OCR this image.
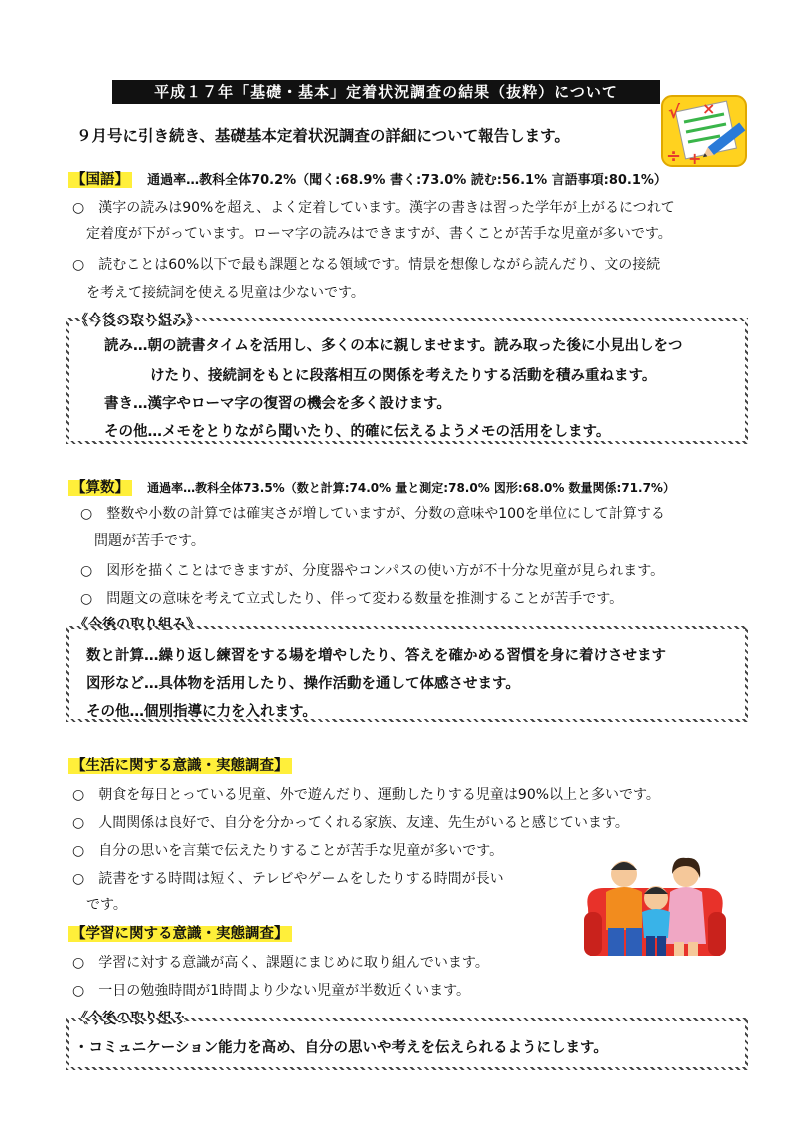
平成１７年「基礎・基本」定着状況調査の結果（抜粋）について
√ ×
÷ +
９月号に引き続き、基礎基本定着状況調査の詳細について報告します。
【国語】 通過率…教科全体70.2%（聞く:68.9% 書く:73.0% 読む:56.1% 言語事項:80.1%）
○　漢字の読みは90%を超え、よく定着しています。漢字の書きは習った学年が上がるにつれて
　定着度が下がっています。ローマ字の読みはできますが、書くことが苦手な児童が多いです。
○　読むことは60%以下で最も課題となる領域です。情景を想像しながら読んだり、文の接続
　を考えて接続詞を使える児童は少ないです。
《今後の取り組み》
読み…朝の読書タイムを活用し、多くの本に親しませます。読み取った後に小見出しをつ
けたり、接続詞をもとに段落相互の関係を考えたりする活動を積み重ねます。
書き…漢字やローマ字の復習の機会を多く設けます。
その他…メモをとりながら聞いたり、的確に伝えるようメモの活用をします。
【算数】 通過率…教科全体73.5%（数と計算:74.0% 量と測定:78.0% 図形:68.0% 数量関係:71.7%）
○　整数や小数の計算では確実さが増していますが、分数の意味や100を単位にして計算する
　問題が苦手です。
○　図形を描くことはできますが、分度器やコンパスの使い方が不十分な児童が見られます。
○　問題文の意味を考えて立式したり、伴って変わる数量を推測することが苦手です。
《今後の取り組み》
数と計算…繰り返し練習をする場を増やしたり、答えを確かめる習慣を身に着けさせます
図形など…具体物を活用したり、操作活動を通して体感させます。
その他…個別指導に力を入れます。
【生活に関する意識・実態調査】
○　朝食を毎日とっている児童、外で遊んだり、運動したりする児童は90%以上と多いです。
○　人間関係は良好で、自分を分かってくれる家族、友達、先生がいると感じています。
○　自分の思いを言葉で伝えたりすることが苦手な児童が多いです。
○　読書をする時間は短く、テレビやゲームをしたりする時間が長い
　です。
【学習に関する意識・実態調査】
○　学習に対する意識が高く、課題にまじめに取り組んでいます。
○　一日の勉強時間が1時間より少ない児童が半数近くいます。
《今後の取り組み
・コミュニケーション能力を高め、自分の思いや考えを伝えられるようにします。
